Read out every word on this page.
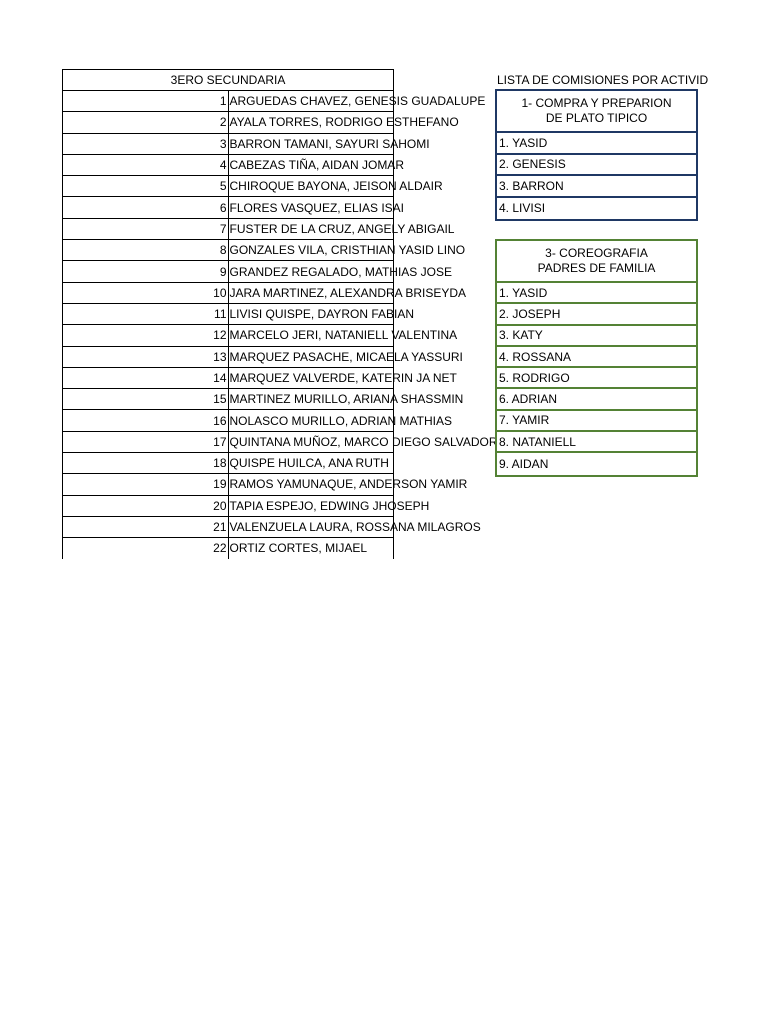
3ERO SECUNDARIA	
1	ARGUEDAS CHAVEZ, GENESIS GUADALUPE
2	AYALA TORRES, RODRIGO ESTHEFANO
3	BARRON TAMANI, SAYURI SAHOMI
4	CABEZAS TIÑA, AIDAN JOMAR
5	CHIROQUE BAYONA, JEISON ALDAIR
6	FLORES VASQUEZ, ELIAS ISAI
7	FUSTER DE LA CRUZ, ANGELY ABIGAIL
8	GONZALES VILA, CRISTHIAN YASID LINO
9	GRANDEZ REGALADO, MATHIAS JOSE
10	JARA MARTINEZ, ALEXANDRA BRISEYDA
11	LIVISI QUISPE, DAYRON FABIAN
12	MARCELO JERI, NATANIELL VALENTINA
13	MARQUEZ PASACHE, MICAELA YASSURI
14	MARQUEZ VALVERDE, KATERIN JA NET
15	MARTINEZ MURILLO, ARIANA SHASSMIN
16	NOLASCO MURILLO, ADRIAN MATHIAS
17	QUINTANA MUÑOZ, MARCO DIEGO SALVADOR
18	QUISPE HUILCA, ANA RUTH
19	RAMOS YAMUNAQUE, ANDERSON YAMIR
20	TAPIA ESPEJO, EDWING JHOSEPH
21	VALENZUELA LAURA, ROSSANA MILAGROS
22	ORTIZ CORTES, MIJAEL
LISTA DE COMISIONES POR ACTIVID
1- COMPRA Y PREPARION
DE PLATO TIPICO
1. YASID
2. GENESIS
3. BARRON
4. LIVISI
3- COREOGRAFIA
PADRES DE FAMILIA
1. YASID
2. JOSEPH
3. KATY
4. ROSSANA
5. RODRIGO
6. ADRIAN
7. YAMIR
8. NATANIELL
9. AIDAN
